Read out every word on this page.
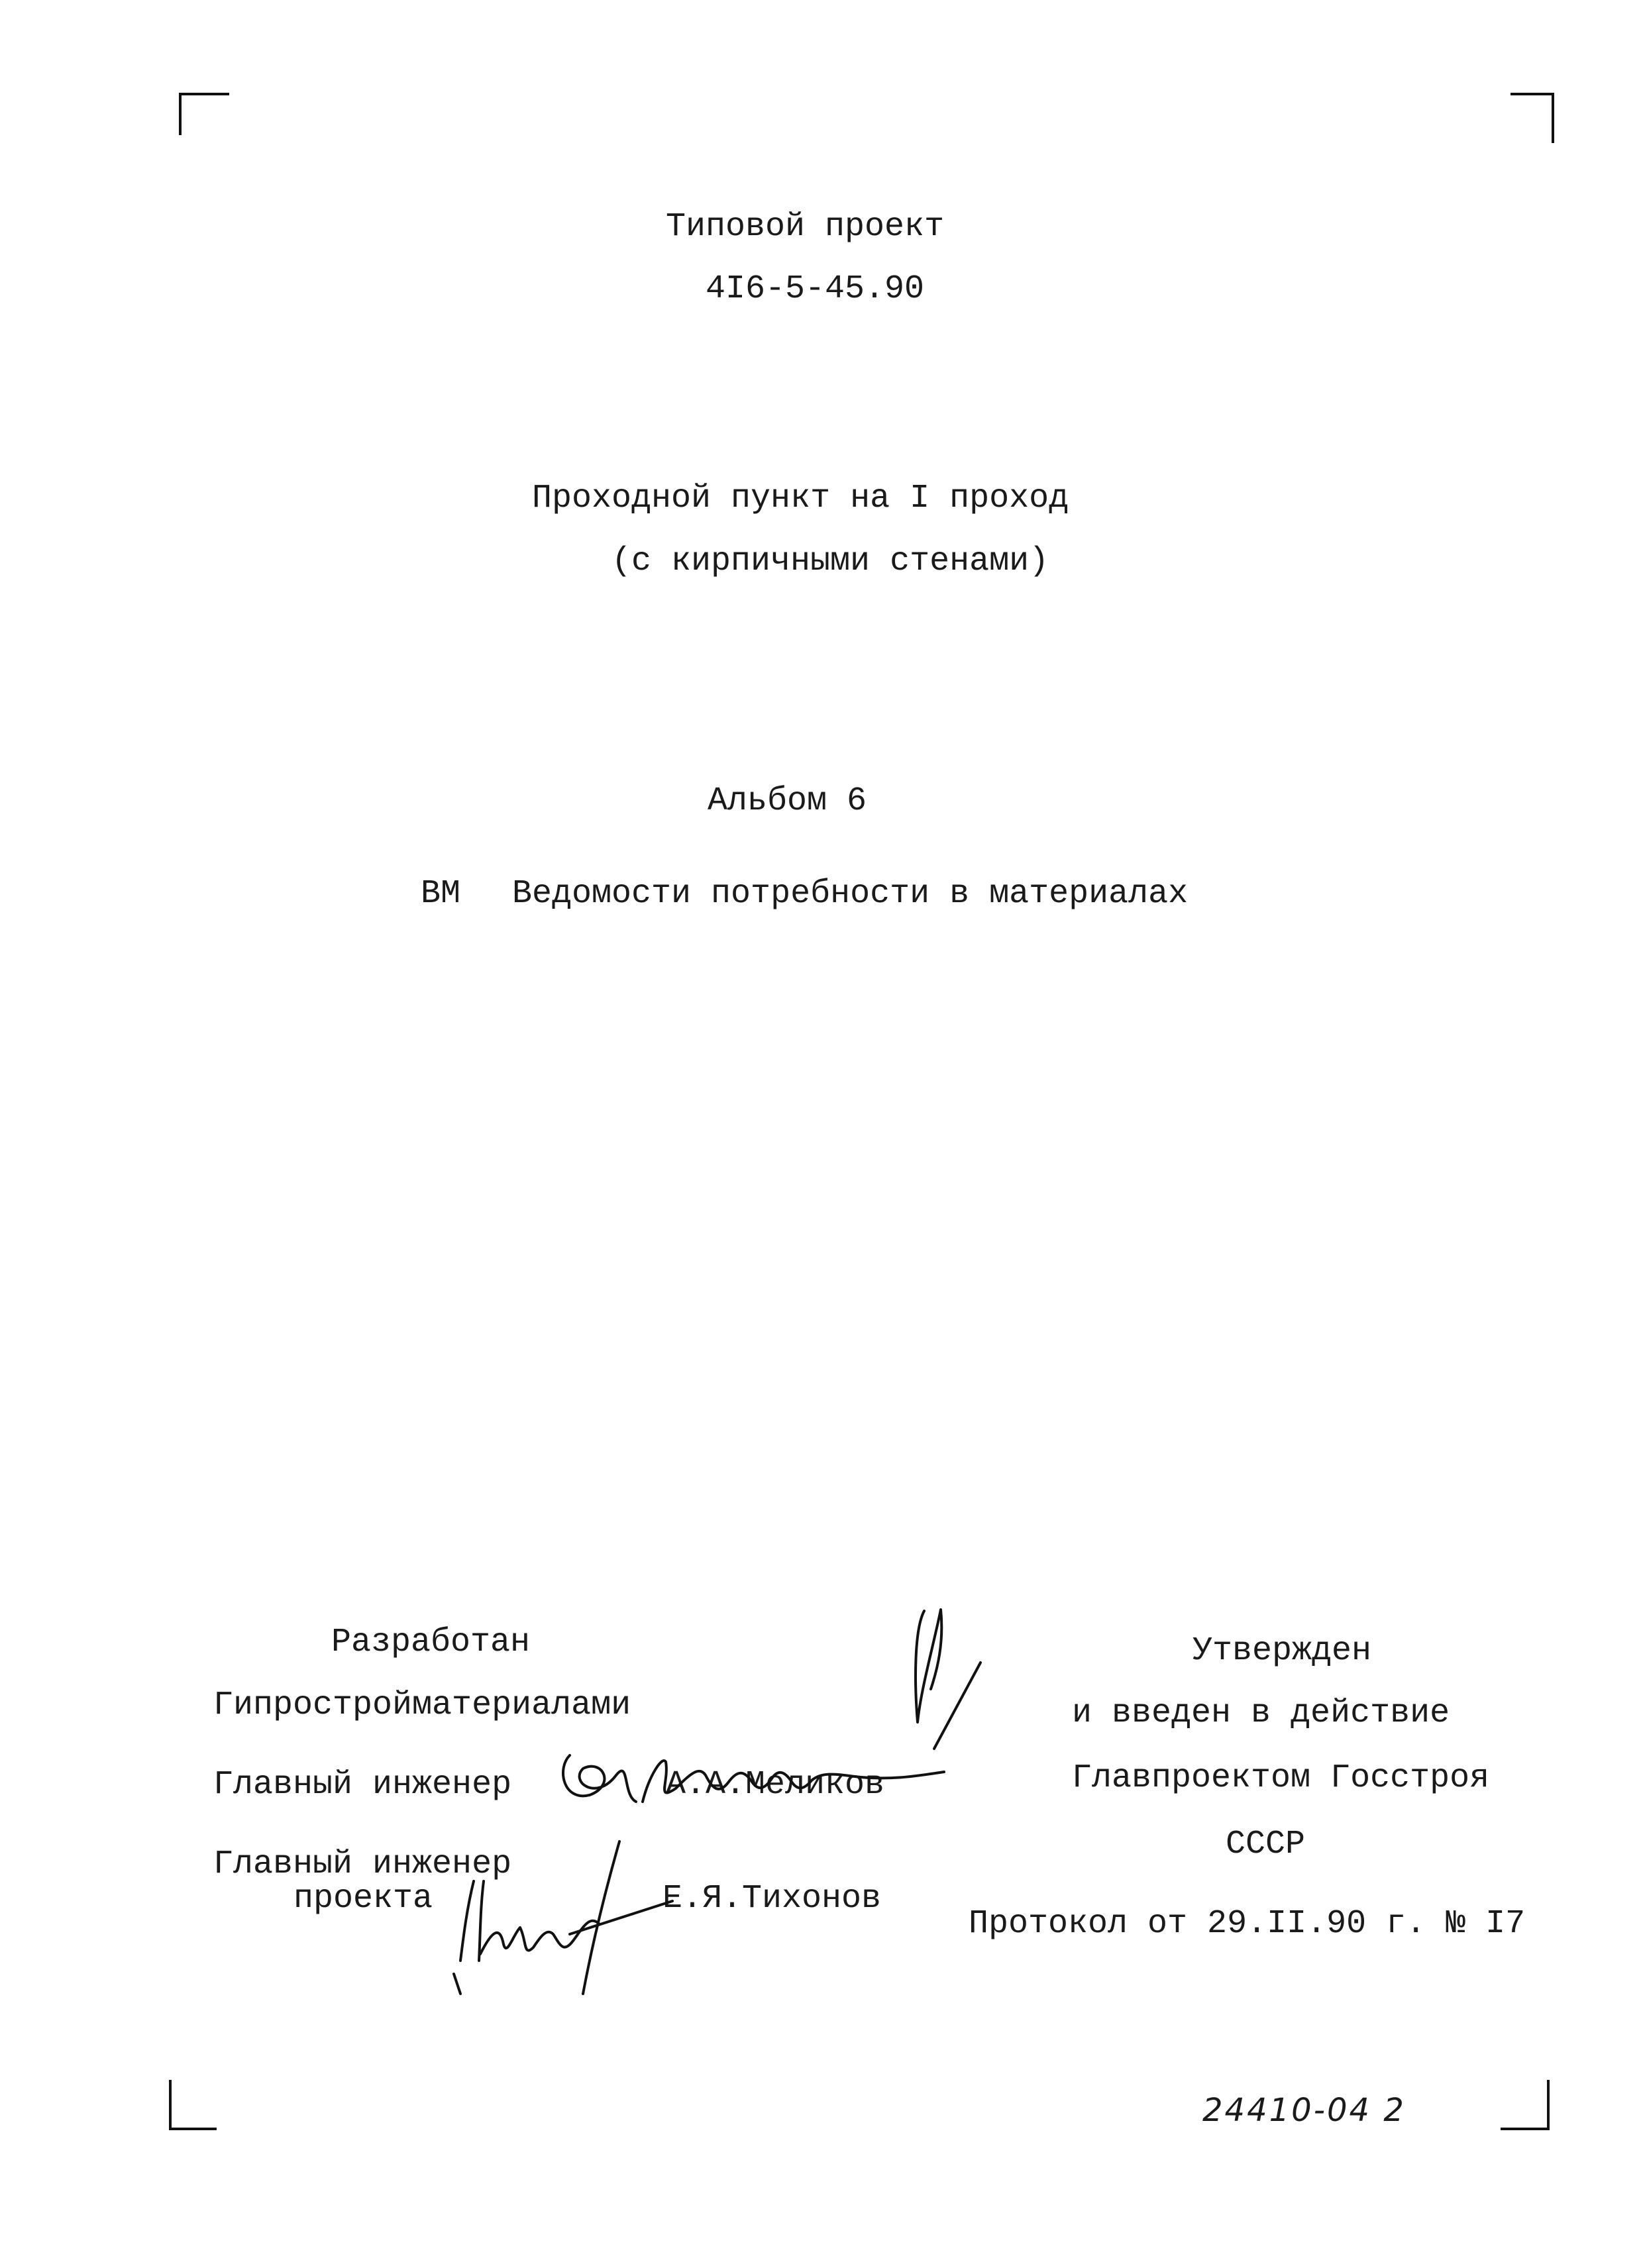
Типовой проект
4I6-5-45.90
Проходной пункт на I проход
(с кирпичными стенами)
Альбом 6
ВМ Ведомости потребности в материалах
Разработан
Гипростройматериалами
Главный инженер	А.А.Меликов
Главный инженер
проекта	Е.Я.Тихонов
Утвержден
и введен в действие
Главпроектом Госстроя
СССР
Протокол от 29.II.90 г. № I7
24410-04 2
